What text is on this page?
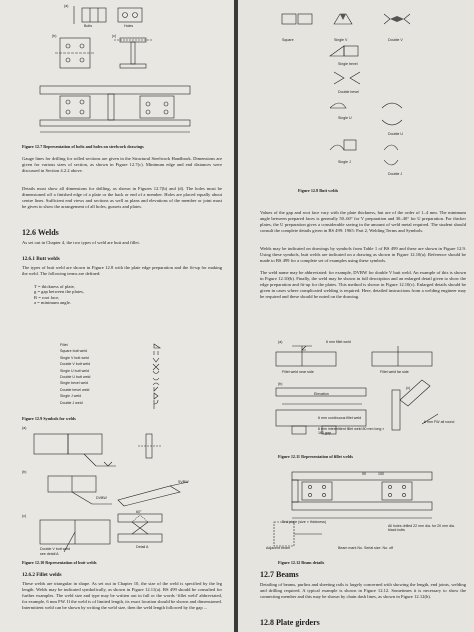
Bolts	Holes
(a)
(b)	(c)
Figure 12.7 Representation of bolts and holes on steelwork drawings
Gauge lines for drilling for rolled sections are given in the Structural Steelwork Handbook. Dimensions are given for various sizes of section, as shown in Figure 12.7(c). Minimum edge and end distances were discussed in Section 4.2.2 above.
Details must show all dimensions for drilling, as shown in Figures 12.7(b) and (d). The holes must be dimensioned off a finished edge of a plate or the back or end of a member. Holes are placed equally about centre lines. Sufficient end views and sections as well as plans and elevations of the member or joint must be given to show the arrangement of all holes, gussets and plates.
12.6 Welds
As set out in Chapter 4, the two types of weld are butt and fillet.
12.6.1 Butt welds
The types of butt weld are shown in Figure 12.8 with the plate edge preparation and the fit-up for making the weld. The following terms are defined:
T = thickness of plate,
g = gap between the plates,
R = root face,
a = minimum angle.
Fillet
Square butt weld
Single V butt weld
Double V butt weld
Single U butt weld
Double U butt weld
Single bevel weld
Double bevel weld
Single J weld
Double J weld
Figure 12.9 Symbols for welds
(a)
(b)
(c)
DVBW
SVBW
60°
Detail A
Double V butt weld
see detail A
Figure 12.10 Representation of butt welds
12.6.2 Fillet welds
These welds are triangular in shape. As set out in Chapter 10, the size of the weld is specified by the leg length. Welds may be indicated symbolically, as shown in Figure 12.11(a). BS 499 should be consulted for further examples. The weld size and type may be written out in full or the words ‘fillet weld’ abbreviated, for example, 6 mm FW. If the weld is of limited length, its exact location should be shown and dimensioned. Intermittent weld can be shown by writing the weld size, then the weld length followed by the gap ...
Square	Single V	Double V
Single bevel
Double bevel
Single U
Double U
Single J
Double J
Figure 12.8 Butt welds
Values of the gap and root face vary with the plate thickness, but are of the order of 1–4 mm. The minimum angle between prepared faces is generally 50–60° for V preparation and 30–40° for U preparation. For thicker plates, the U preparation gives a considerable saving in the amount of weld metal required. The student should consult the complete details given in BS 499: 1965: Part 2, Welding Terms and Symbols.
Welds may be indicated on drawings by symbols from Table 1 of BS 499 and these are shown in Figure 12.9. Using these symbols, butt welds are indicated on a drawing as shown in Figure 12.10(a). Reference should be made to BS 499 for a complete set of examples using these symbols.
The weld name may be abbreviated: for example, DVBW for double V butt weld. An example of this is shown in Figure 12.10(b). Finally, the weld may be shown in full description and an enlarged detail given to show the edge preparation and fit-up for the plates. This method is shown in Figure 12.10(c). Enlarged details should be given in cases where complicated welding is required. Here, detailed instructions from a welding engineer may be required and these should be noted on the drawing.
(a)	6 mm fillet weld
Fillet weld near side	Fillet weld far side
(b)
Elevation
6 mm continuous fillet weld
6 mm intermittent fillet weld 80 mm long × 160 gap
(c)
6 mm FW all round
Figure 12.11 Representation of fillet welds
End plate (size × thickness)
Adjacent beam
All holes drilled 22 mm dia. for 20 mm dia. black bolts
Beam mark No. Serial size. No. off
90	100
Figure 12.12 Beam details
12.7 Beams
Detailing of beams, purlins and sheeting rails is largely concerned with showing the length, end joints, welding and drilling required. A typical example is shown in Figure 12.12. Sometimes it is necessary to show the connecting member and this may be shown by chain dash lines, as shown in Figure 12.12(b).
12.8 Plate girders
